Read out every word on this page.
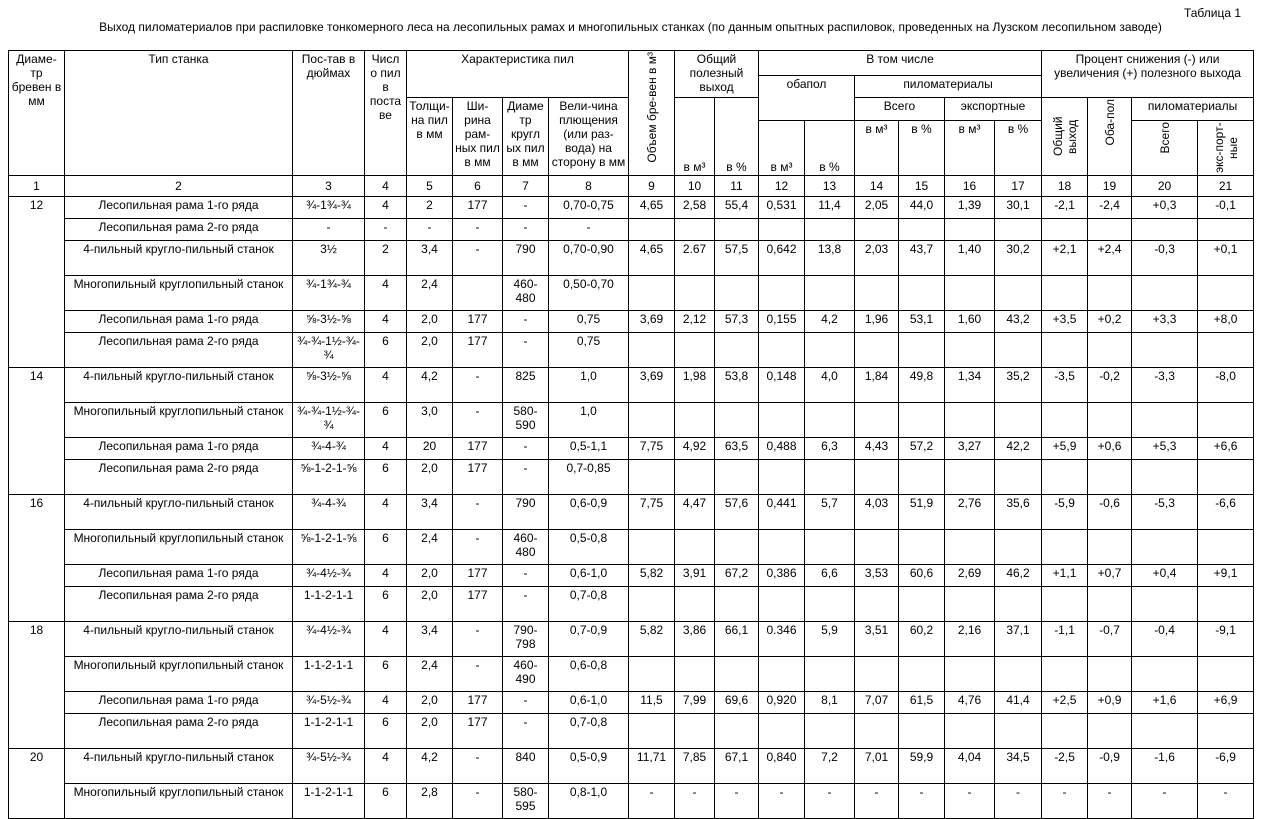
Таблица 1
Выход пиломатериалов при распиловке тонкомерного леса на лесопильных рамах и многопильных станках (по данным опытных распиловок, проведенных на Лузском лесопильном заводе)
Диаме-тр бревен в мм	Тип станка	Пос-тав в дюймах	Числ о пил в поста ве	Характеристика пил				Объем бре-вен в м³	Общий полезный выход		В том числе						Процент снижения (-) или увеличения (+) полезного выхода			
											обапол		пиломатериалы							
				Толщи-на пил в мм	Ши-рина рам-ных пил в мм	Диаме тр кругл ых пил в мм	Вели-чина плющения (или раз-вода) на сторону в мм		в м³	в %			Всего		экспортные		Общий выход	Оба-пол	пиломатериалы	
											в м³	в %	в м³	в %	в м³	в %			Всего	экс-порт-ные

1	2	3	4	5	6	7	8	9	10	11	12	13	14	15	16	17	18	19	20	21
12	Лесопильная рама 1-го ряда	¾-1¾-¾	4	2	177	-	0,70-0,75	4,65	2,58	55,4	0,531	11,4	2,05	44,0	1,39	30,1	-2,1	-2,4	+0,3	-0,1
	Лесопильная рама 2-го ряда	-	-	-	-	-	-													
	4-пильный кругло-пильный станок	3½	2	3,4	-	790	0,70-0,90	4,65	2.67	57,5	0,642	13,8	2,03	43,7	1,40	30,2	+2,1	+2,4	-0,3	+0,1
	Многопильный круглопильный станок	¾-1¾-¾	4	2,4		460-480	0,50-0,70													
	Лесопильная рама 1-го ряда	⅝-3½-⅝	4	2,0	177	-	0,75	3,69	2,12	57,3	0,155	4,2	1,96	53,1	1,60	43,2	+3,5	+0,2	+3,3	+8,0
	Лесопильная рама 2-го ряда	¾-¾-1½-¾-¾	6	2,0	177	-	0,75													
14	4-пильный кругло-пильный станок	⅝-3½-⅝	4	4,2	-	825	1,0	3,69	1,98	53,8	0,148	4,0	1,84	49,8	1,34	35,2	-3,5	-0,2	-3,3	-8,0
	Многопильный круглопильный станок	¾-¾-1½-¾-¾	6	3,0	-	580-590	1,0													
	Лесопильная рама 1-го ряда	¾-4-¾	4	20	177	-	0,5-1,1	7,75	4,92	63,5	0,488	6,3	4,43	57,2	3,27	42,2	+5,9	+0,6	+5,3	+6,6
	Лесопильная рама 2-го ряда	⅝-1-2-1-⅝	6	2,0	177	-	0,7-0,85													
16	4-пильный кругло-пильный станок	¾-4-¾	4	3,4	-	790	0,6-0,9	7,75	4,47	57,6	0,441	5,7	4,03	51,9	2,76	35,6	-5,9	-0,6	-5,3	-6,6
	Многопильный круглопильный станок	⅝-1-2-1-⅝	6	2,4	-	460-480	0,5-0,8													
	Лесопильная рама 1-го ряда	¾-4½-¾	4	2,0	177	-	0,6-1,0	5,82	3,91	67,2	0,386	6,6	3,53	60,6	2,69	46,2	+1,1	+0,7	+0,4	+9,1
	Лесопильная рама 2-го ряда	1-1-2-1-1	6	2,0	177	-	0,7-0,8													
18	4-пильный кругло-пильный станок	¾-4½-¾	4	3,4	-	790-798	0,7-0,9	5,82	3,86	66,1	0.346	5,9	3,51	60,2	2,16	37,1	-1,1	-0,7	-0,4	-9,1
	Многопильный круглопильный станок	1-1-2-1-1	6	2,4	-	460-490	0,6-0,8													
	Лесопильная рама 1-го ряда	¾-5½-¾	4	2,0	177	-	0,6-1,0	11,5	7,99	69,6	0,920	8,1	7,07	61,5	4,76	41,4	+2,5	+0,9	+1,6	+6,9
	Лесопильная рама 2-го ряда	1-1-2-1-1	6	2,0	177	-	0,7-0,8													
20	4-пильный кругло-пильный станок	¾-5½-¾	4	4,2	-	840	0,5-0,9	11,71	7,85	67,1	0,840	7,2	7,01	59,9	4,04	34,5	-2,5	-0,9	-1,6	-6,9
	Многопильный круглопильный станок	1-1-2-1-1	6	2,8	-	580-595	0,8-1,0	-	-	-	-	-	-	-	-	-	-	-	-	-
